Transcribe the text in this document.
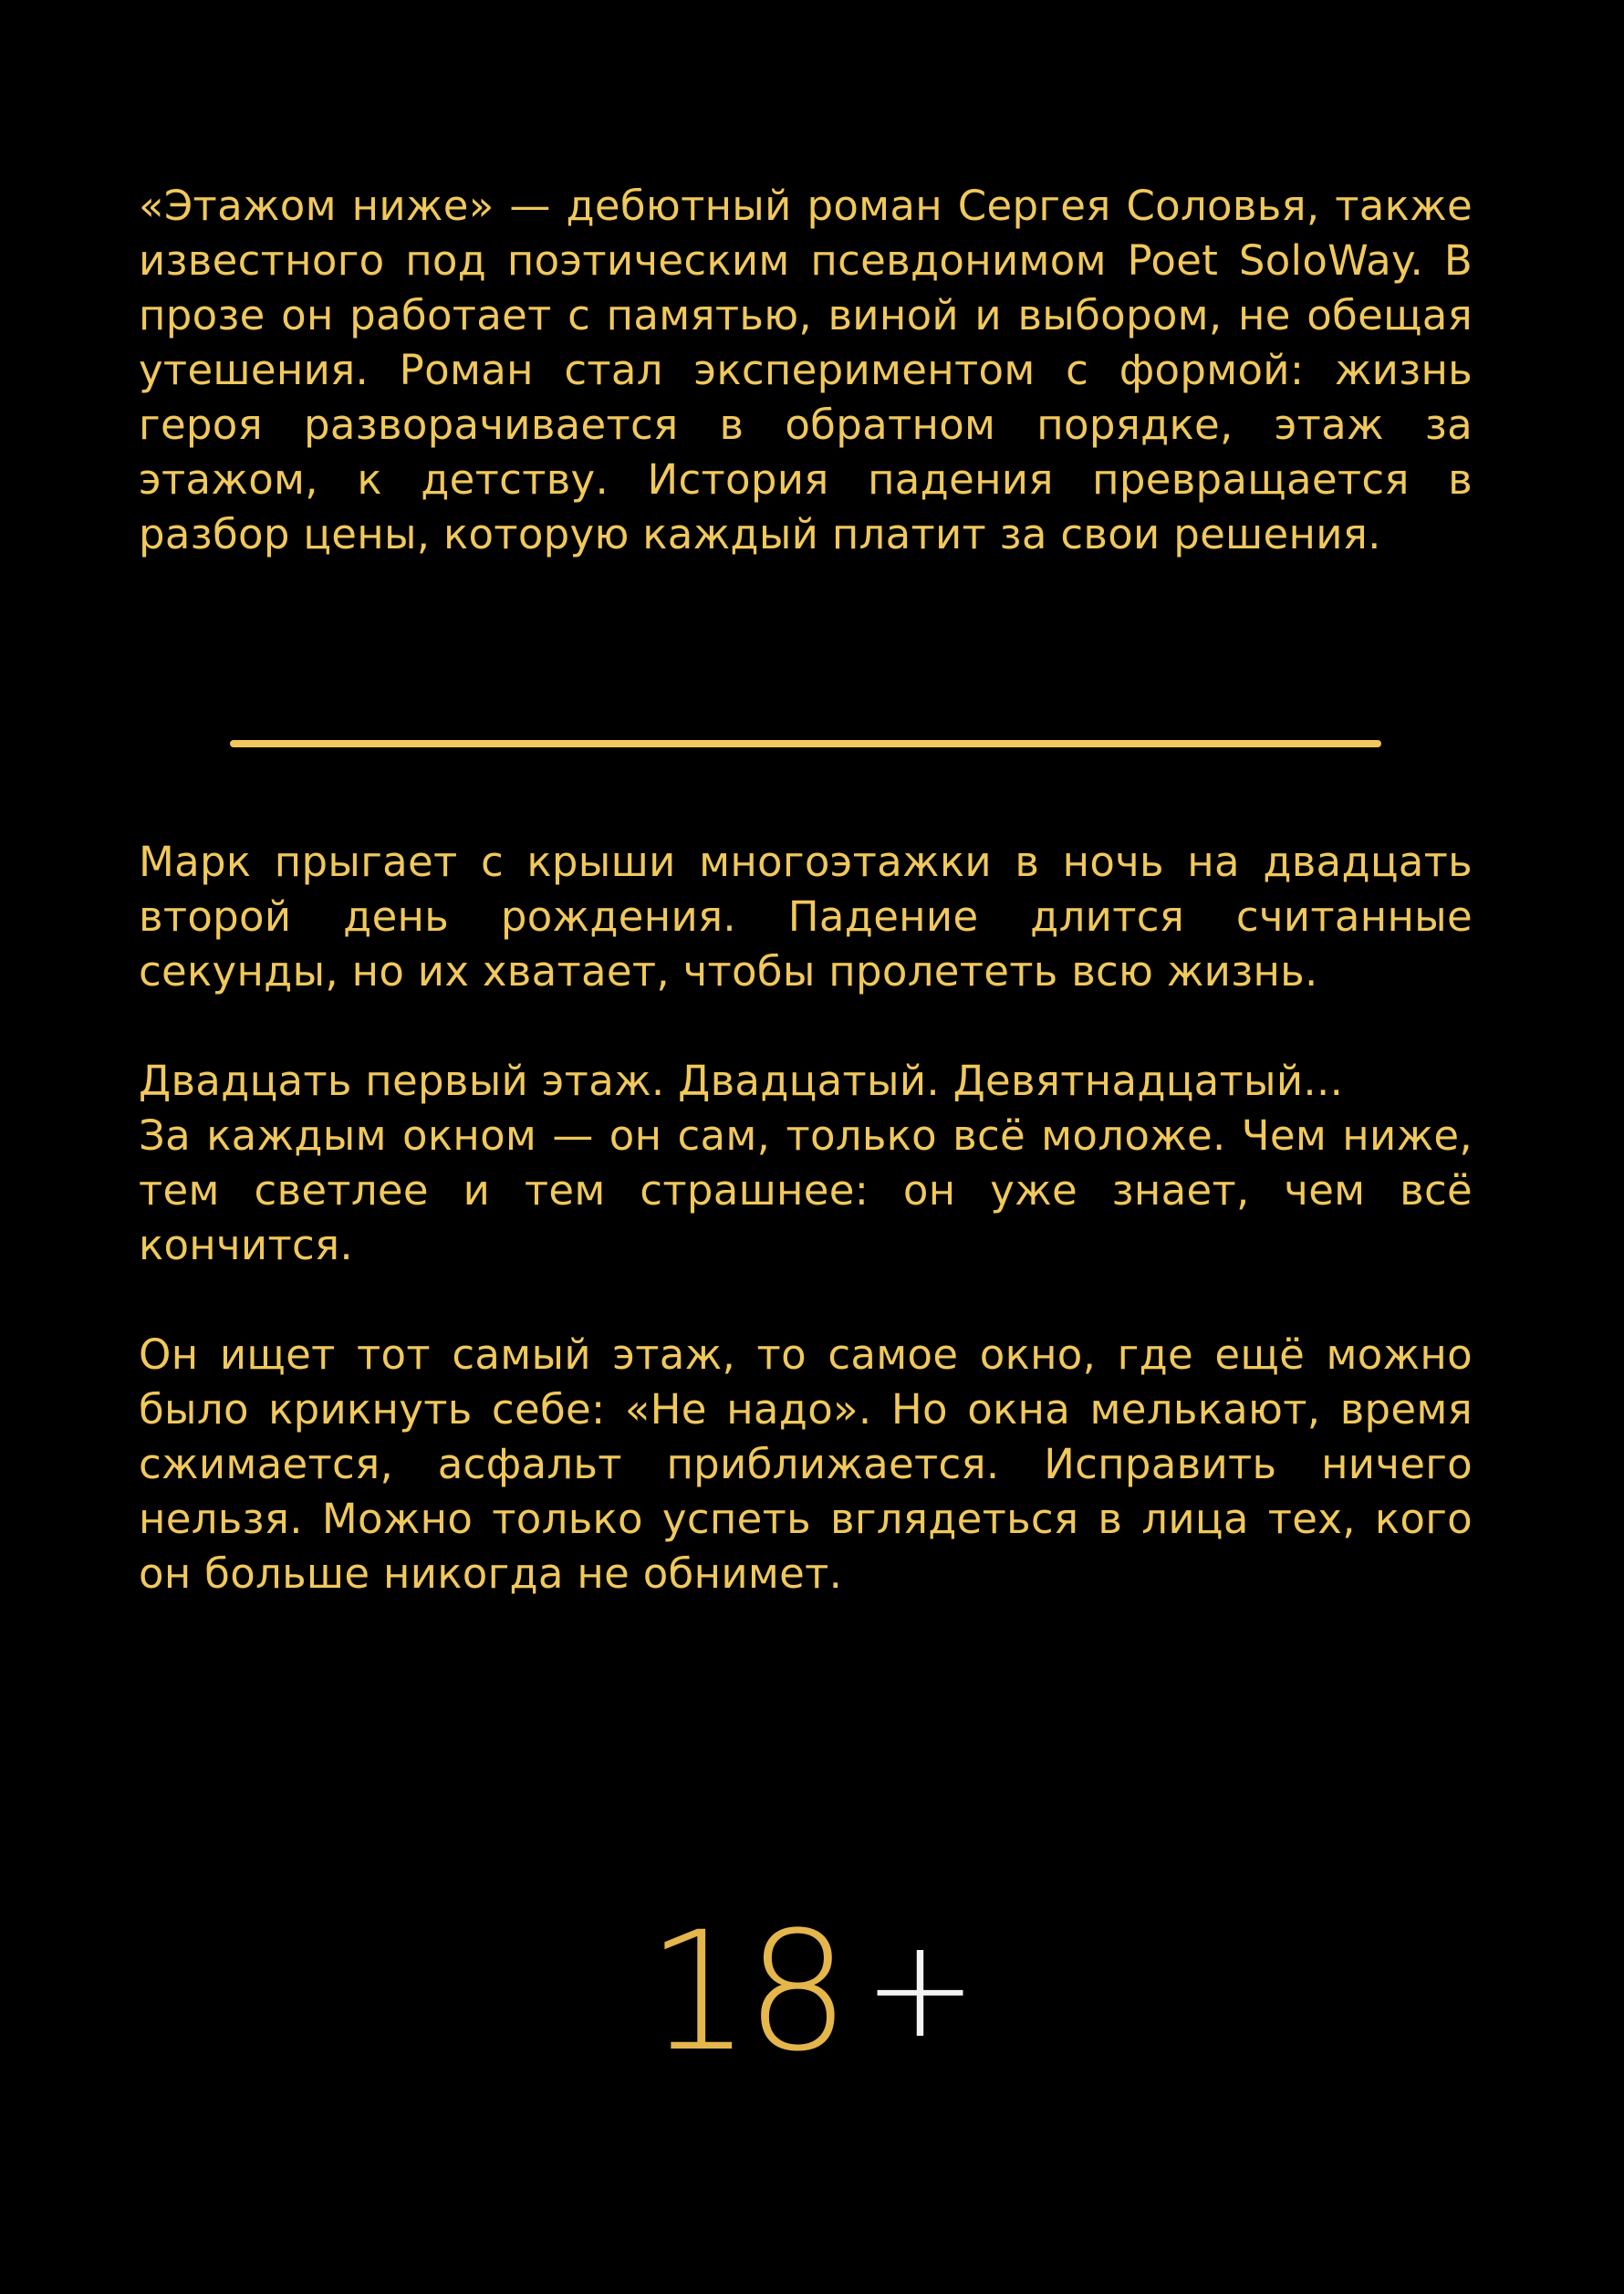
«Этажом ниже» — дебютный роман Сергея Соловья, также известного под поэтическим псевдонимом Poet SoloWay. В прозе он работает с памятью, виной и выбором, не обещая утешения. Роман стал экспериментом с формой: жизнь героя разворачивается в обратном порядке, этаж за этажом, к детству. История падения превращается в разбор цены, которую каждый платит за свои решения.

Марк прыгает с крыши многоэтажки в ночь на двадцать второй день рождения. Падение длится считанные секунды, но их хватает, чтобы пролететь всю жизнь.

Двадцать первый этаж. Двадцатый. Девятнадцатый...
За каждым окном — он сам, только всё моложе. Чем ниже, тем светлее и тем страшнее: он уже знает, чем всё кончится.

Он ищет тот самый этаж, то самое окно, где ещё можно было крикнуть себе: «Не надо». Но окна мелькают, время сжимается, асфальт приближается. Исправить ничего нельзя. Можно только успеть вглядеться в лица тех, кого он больше никогда не обнимет.

18 +
